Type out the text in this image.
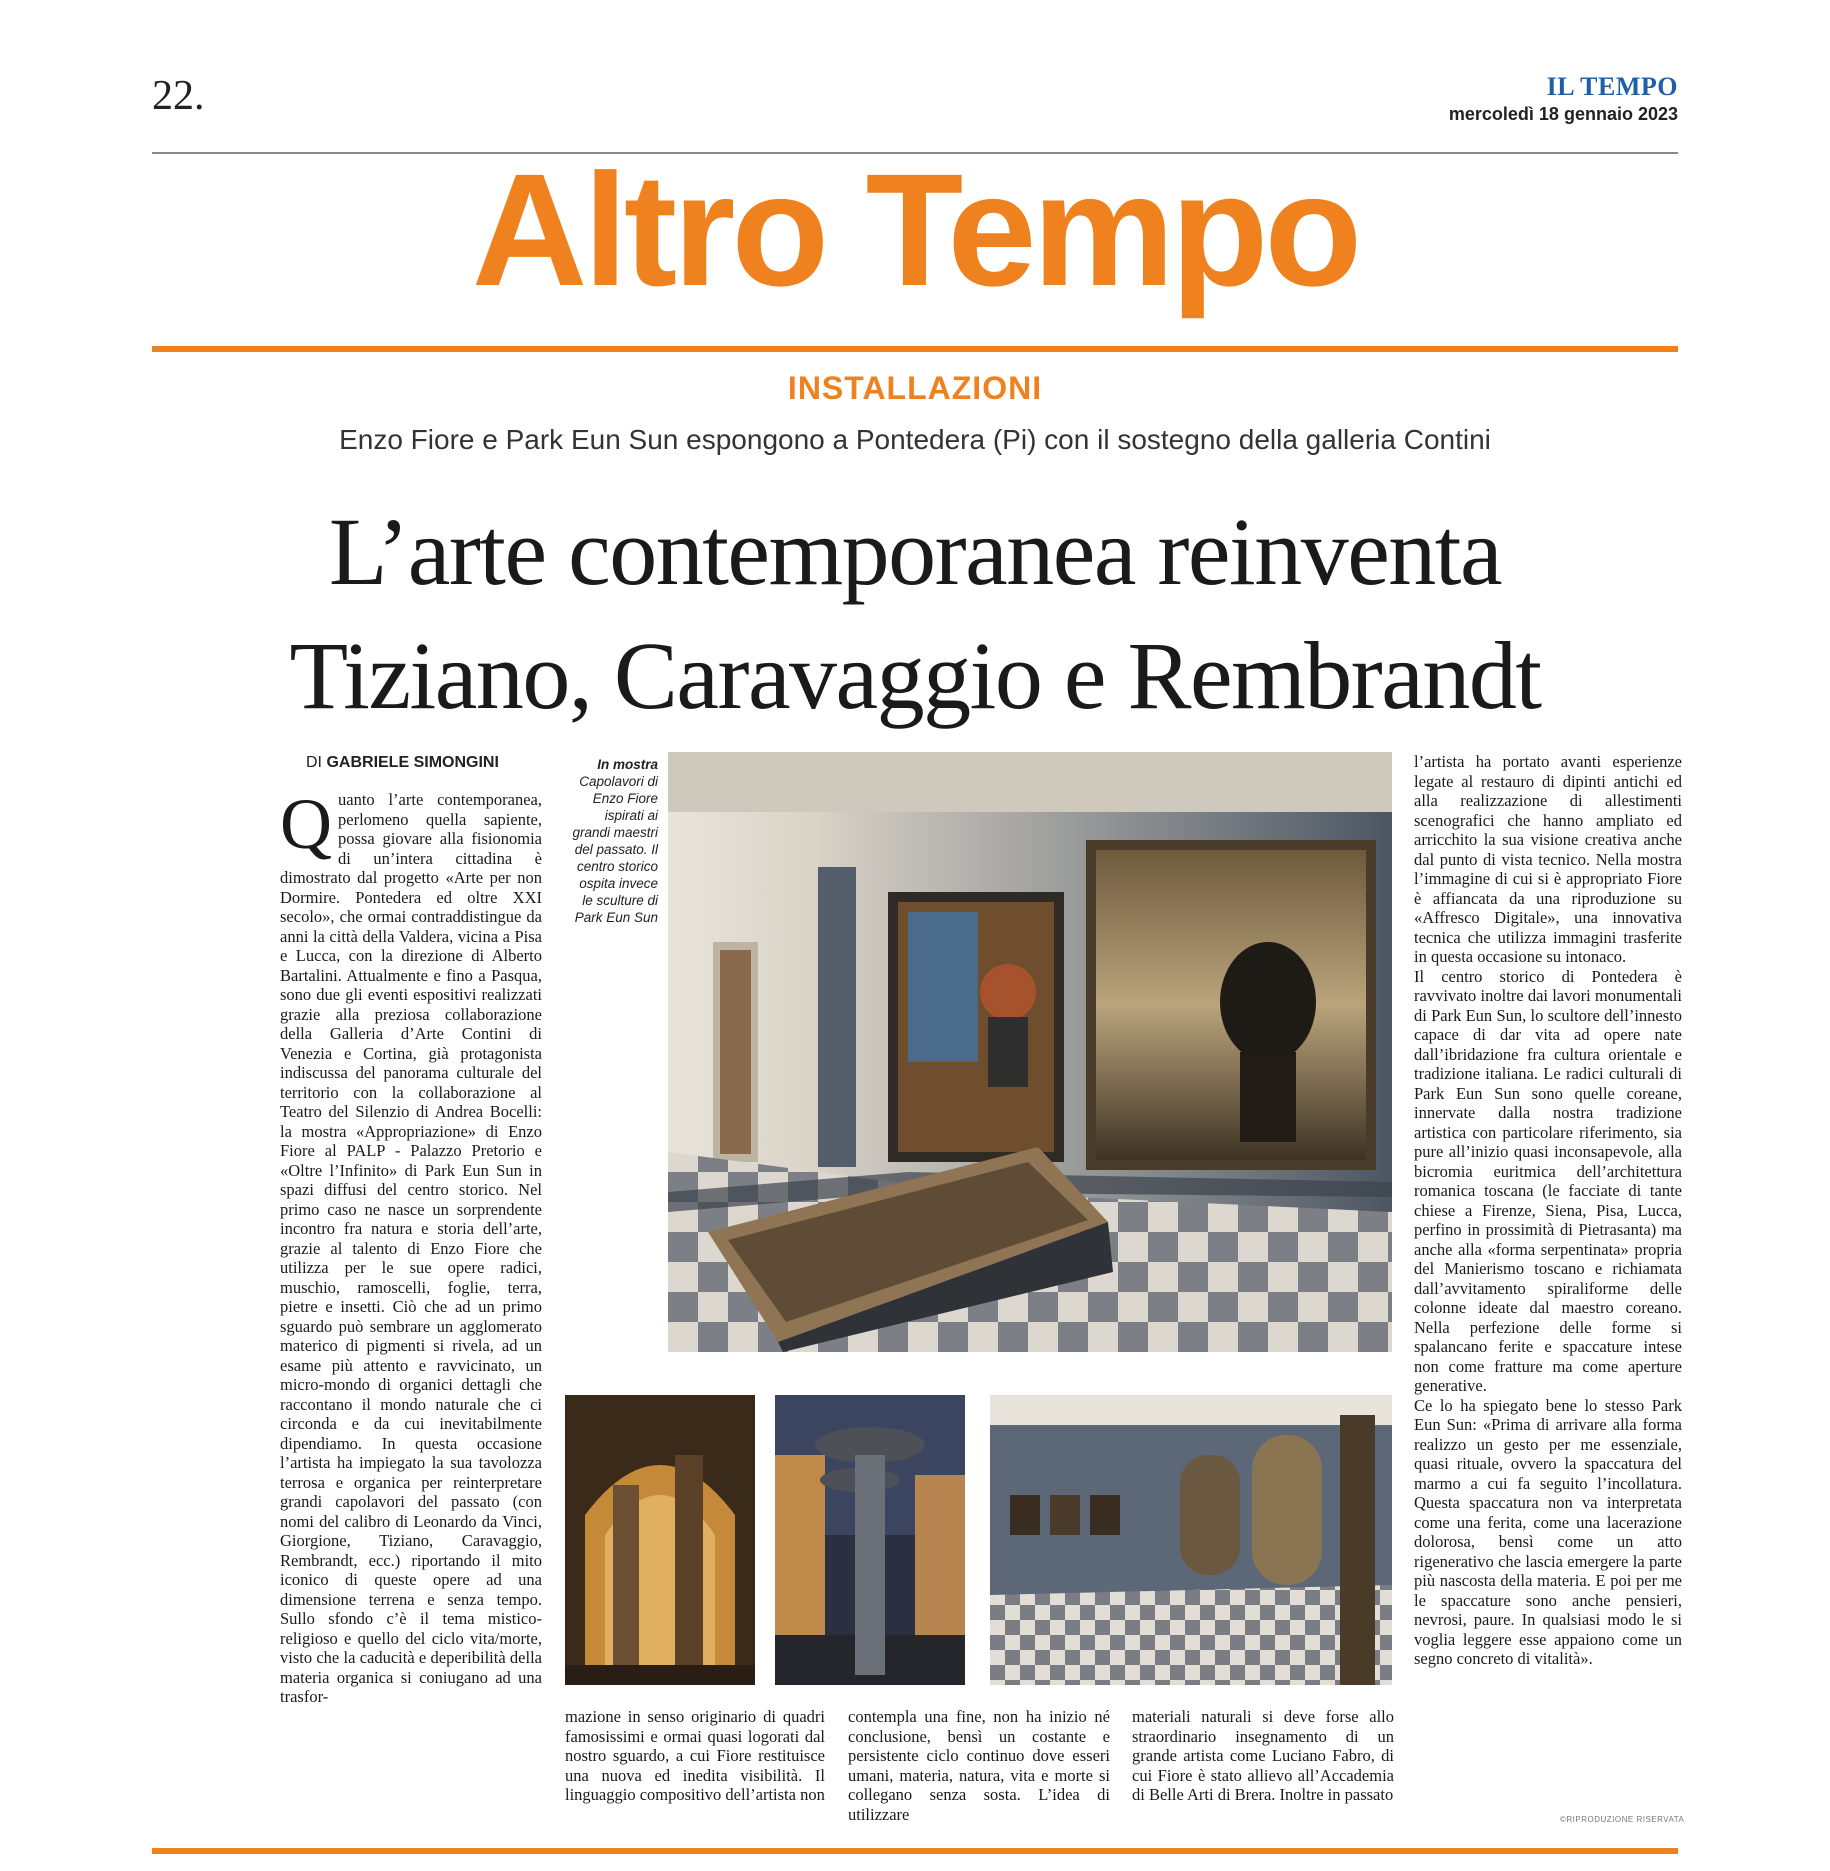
22.	IL TEMPO
mercoledì 18 gennaio 2023
Altro Tempo
INSTALLAZIONI
Enzo Fiore e Park Eun Sun espongono a Pontedera (Pi) con il sostegno della galleria Contini
L’arte contemporanea reinventa
Tiziano, Caravaggio e Rembrandt
DI GABRIELE SIMONGINI
Q uanto l’arte contemporanea, perlomeno quella sapiente, possa giovare alla fisionomia di un’intera cittadina è dimostrato dal progetto «Arte per non Dormire. Pontedera ed oltre XXI secolo», che ormai contraddistingue da anni la città della Valdera, vicina a Pisa e Lucca, con la direzione di Alberto Bartalini. Attualmente e fino a Pasqua, sono due gli eventi espositivi realizzati grazie alla preziosa collaborazione della Galleria d’Arte Contini di Venezia e Cortina, già protagonista indiscussa del panorama culturale del territorio con la collaborazione al Teatro del Silenzio di Andrea Bocelli: la mostra «Appropriazione» di Enzo Fiore al PALP - Palazzo Pretorio e «Oltre l’Infinito» di Park Eun Sun in spazi diffusi del centro storico. Nel primo caso ne nasce un sorprendente incontro fra natura e storia dell’arte, grazie al talento di Enzo Fiore che utilizza per le sue opere radici, muschio, ramoscelli, foglie, terra, pietre e insetti. Ciò che ad un primo sguardo può sembrare un agglomerato materico di pigmenti si rivela, ad un esame più attento e ravvicinato, un micro-mondo di organici dettagli che raccontano il mondo naturale che ci circonda e da cui inevitabilmente dipendiamo. In questa occasione l’artista ha impiegato la sua tavolozza terrosa e organica per reinterpretare grandi capolavori del passato (con nomi del calibro di Leonardo da Vinci, Giorgione, Tiziano, Caravaggio, Rembrandt, ecc.) riportando il mito iconico di queste opere ad una dimensione terrena e senza tempo. Sullo sfondo c’è il tema mistico-religioso e quello del ciclo vita/morte, visto che la caducità e deperibilità della materia organica si coniugano ad una trasfor-
In mostra
Capolavori di Enzo Fiore ispirati ai grandi maestri del passato. Il centro storico ospita invece le sculture di Park Eun Sun

mazione in senso originario di quadri famosissimi e ormai quasi logorati dal nostro sguardo, a cui Fiore restituisce una nuova ed inedita visibilità. Il linguaggio compositivo dell’artista non

contempla una fine, non ha inizio né conclusione, bensì un costante e persistente ciclo continuo dove esseri umani, materia, natura, vita e morte si collegano senza sosta. L’idea di utilizzare

materiali naturali si deve forse allo straordinario insegnamento di un grande artista come Luciano Fabro, di cui Fiore è stato allievo all’Accademia di Belle Arti di Brera. Inoltre in passato

l’artista ha portato avanti esperienze legate al restauro di dipinti antichi ed alla realizzazione di allestimenti scenografici che hanno ampliato ed arricchito la sua visione creativa anche dal punto di vista tecnico. Nella mostra l’immagine di cui si è appropriato Fiore è affiancata da una riproduzione su «Affresco Digitale», una innovativa tecnica che utilizza immagini trasferite in questa occasione su intonaco.

Il centro storico di Pontedera è ravvivato inoltre dai lavori monumentali di Park Eun Sun, lo scultore dell’innesto capace di dar vita ad opere nate dall’ibridazione fra cultura orientale e tradizione italiana. Le radici culturali di Park Eun Sun sono quelle coreane, innervate dalla nostra tradizione artistica con particolare riferimento, sia pure all’inizio quasi inconsapevole, alla bicromia euritmica dell’architettura romanica toscana (le facciate di tante chiese a Firenze, Siena, Pisa, Lucca, perfino in prossimità di Pietrasanta) ma anche alla «forma serpentinata» propria del Manierismo toscano e richiamata dall’avvitamento spiraliforme delle colonne ideate dal maestro coreano. Nella perfezione delle forme si spalancano ferite e spaccature intese non come fratture ma come aperture generative.

Ce lo ha spiegato bene lo stesso Park Eun Sun: «Prima di arrivare alla forma realizzo un gesto per me essenziale, quasi rituale, ovvero la spaccatura del marmo a cui fa seguito l’incollatura. Questa spaccatura non va interpretata come una ferita, come una lacerazione dolorosa, bensì come un atto rigenerativo che lascia emergere la parte più nascosta della materia. E poi per me le spaccature sono anche pensieri, nevrosi, paure. In qualsiasi modo le si voglia leggere esse appaiono come un segno concreto di vitalità».

©RIPRODUZIONE RISERVATA
